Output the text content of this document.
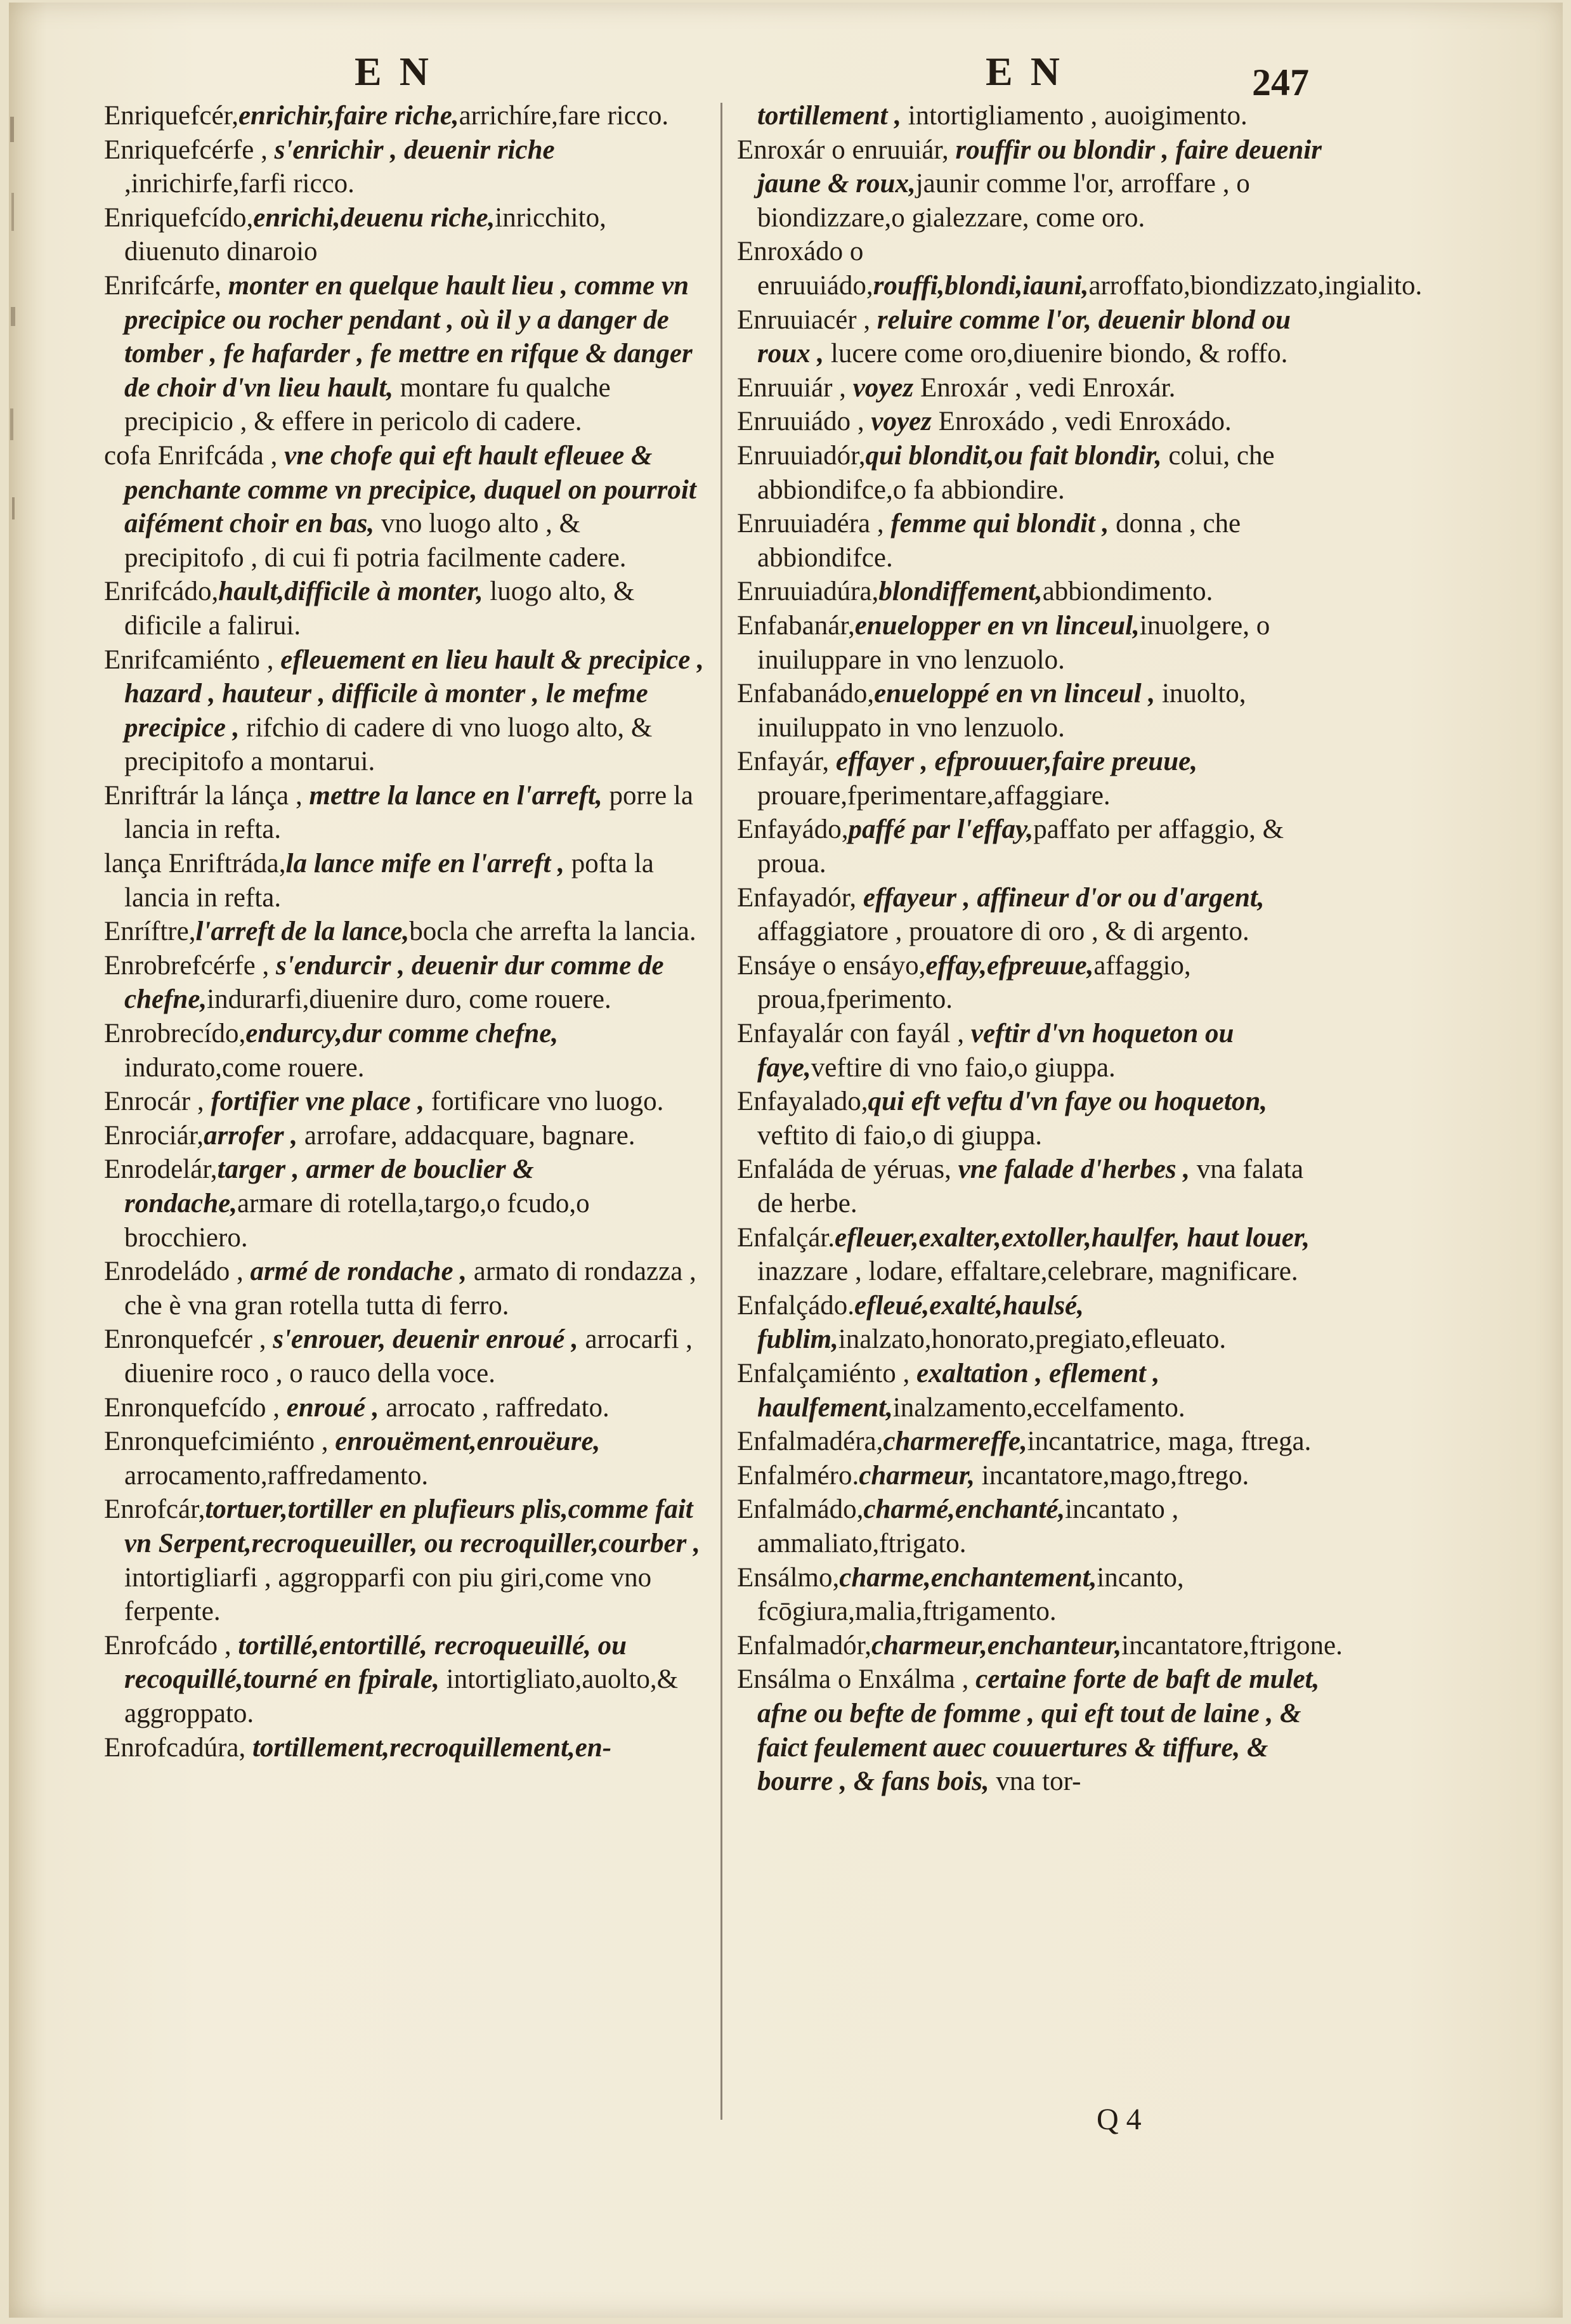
EN	EN	247

Enriquefcér,enrichir,faire riche,arrichíre,fare ricco.

Enriquefcérfe , s'enrichir , deuenir riche ,inrichirfe,farfi ricco.

Enriquefcído,enrichi,deuenu riche,inricchito, diuenuto dinaroio

Enrifcárfe, monter en quelque hault lieu , comme vn precipice ou rocher pendant , où il y a danger de tomber , fe hafarder , fe mettre en rifque & danger de choir d'vn lieu hault, montare fu qualche precipicio , & effere in pericolo di cadere.

cofa Enrifcáda , vne chofe qui eft hault efleuee & penchante comme vn precipice, duquel on pourroit aifément choir en bas, vno luogo alto , & precipitofo , di cui fi potria facilmente cadere.

Enrifcádo,hault,difficile à monter, luogo alto, & dificile a falirui.

Enrifcamiénto , efleuement en lieu hault & precipice , hazard , hauteur , difficile à monter , le mefme precipice , rifchio di cadere di vno luogo alto, & precipitofo a montarui.

Enriftrár la lánça , mettre la lance en l'arreft, porre la lancia in refta.

lança Enriftráda,la lance mife en l'arreft , pofta la lancia in refta.

Enríftre,l'arreft de la lance,bocla che arrefta la lancia.

Enrobrefcérfe , s'endurcir , deuenir dur comme de chefne,indurarfi,diuenire duro, come rouere.

Enrobrecído,endurcy,dur comme chefne, indurato,come rouere.

Enrocár , fortifier vne place , fortificare vno luogo.

Enrociár,arrofer , arrofare, addacquare, bagnare.

Enrodelár,targer , armer de bouclier & rondache,armare di rotella,targo,o fcudo,o brocchiero.

Enrodeládo , armé de rondache , armato di rondazza , che è vna gran rotella tutta di ferro.

Enronquefcér , s'enrouer, deuenir enroué , arrocarfi , diuenire roco , o rauco della voce.

Enronquefcído , enroué , arrocato , raffredato.

Enronquefcimiénto , enrouëment,enrouëure, arrocamento,raffredamento.

Enrofcár,tortuer,tortiller en plufieurs plis,comme fait vn Serpent,recroqueuiller, ou recroquiller,courber , intortigliarfi , aggropparfi con piu giri,come vno ferpente.

Enrofcádo , tortillé,entortillé, recroqueuillé, ou recoquillé,tourné en fpirale, intortigliato,auolto,& aggroppato.

Enrofcadúra, tortillement,recroquillement,en-

tortillement , intortigliamento , auoigimento.

Enroxár o enruuiár, rouffir ou blondir , faire deuenir jaune & roux,jaunir comme l'or, arroffare , o biondizzare,o gialezzare, come oro.

Enroxádo o enruuiádo,rouffi,blondi,iauni,arroffato,biondizzato,ingialito.

Enruuiacér , reluire comme l'or, deuenir blond ou roux , lucere come oro,diuenire biondo, & roffo.

Enruuiár , voyez Enroxár , vedi Enroxár.

Enruuiádo , voyez Enroxádo , vedi Enroxádo.

Enruuiadór,qui blondit,ou fait blondir, colui, che abbiondifce,o fa abbiondire.

Enruuiadéra , femme qui blondit , donna , che abbiondifce.

Enruuiadúra,blondiffement,abbiondimento.

Enfabanár,enuelopper en vn linceul,inuolgere, o inuiluppare in vno lenzuolo.

Enfabanádo,enueloppé en vn linceul , inuolto, inuiluppato in vno lenzuolo.

Enfayár, effayer , efprouuer,faire preuue, prouare,fperimentare,affaggiare.

Enfayádo,paffé par l'effay,paffato per affaggio, & proua.

Enfayadór, effayeur , affineur d'or ou d'argent, affaggiatore , prouatore di oro , & di argento.

Ensáye o ensáyo,effay,efpreuue,affaggio, proua,fperimento.

Enfayalár con fayál , veftir d'vn hoqueton ou faye,veftire di vno faio,o giuppa.

Enfayalado,qui eft veftu d'vn faye ou hoqueton, veftito di faio,o di giuppa.

Enfaláda de yéruas, vne falade d'herbes , vna falata de herbe.

Enfalçár.efleuer,exalter,extoller,haulfer, haut louer, inazzare , lodare, effaltare,celebrare, magnificare.

Enfalçádo.efleué,exalté,haulsé, fublim,inalzato,honorato,pregiato,efleuato.

Enfalçamiénto , exaltation , eflement , haulfement,inalzamento,eccelfamento.

Enfalmadéra,charmereffe,incantatrice, maga, ftrega.

Enfalméro.charmeur, incantatore,mago,ftrego.

Enfalmádo,charmé,enchanté,incantato , ammaliato,ftrigato.

Ensálmo,charme,enchantement,incanto, fcōgiura,malia,ftrigamento.

Enfalmadór,charmeur,enchanteur,incantatore,ftrigone.

Ensálma o Enxálma , certaine forte de baft de mulet, afne ou befte de fomme , qui eft tout de laine , & faict feulement auec couuertures & tiffure, & bourre , & fans bois, vna tor-

Q 4
